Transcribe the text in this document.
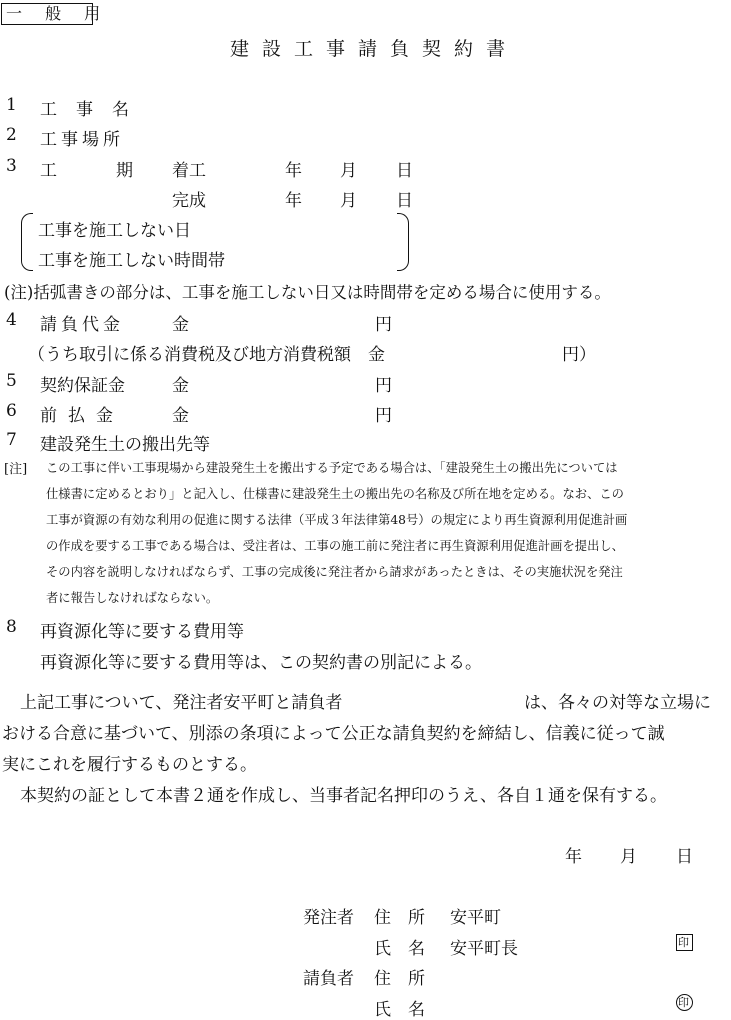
一 般 用
建設工事請負契約書
1 工　事　名
2 工事場所
3 工	期 着工	年 月 日
完成	年 月 日
工事を施工しない日
工事を施工しない時間帯
(注)括弧書きの部分は、工事を施工しない日又は時間帯を定める場合に使用する。
4 請負代金	金	円
（うち取引に係る消費税及び地方消費税額　金	円）
5 契約保証金	金	円
6 前払金	金	円
7 建設発生土の搬出先等
[注] この工事に伴い工事現場から建設発生土を搬出する予定である場合は、「建設発生土の搬出先については
仕様書に定めるとおり」と記入し、仕様書に建設発生土の搬出先の名称及び所在地を定める。なお、この
工事が資源の有効な利用の促進に関する法律（平成３年法律第48号）の規定により再生資源利用促進計画
の作成を要する工事である場合は、受注者は、工事の施工前に発注者に再生資源利用促進計画を提出し、
その内容を説明しなければならず、工事の完成後に発注者から請求があったときは、その実施状況を発注
者に報告しなければならない。
8 再資源化等に要する費用等
再資源化等に要する費用等は、この契約書の別記による。
上記工事について、発注者安平町と請負者	は、各々の対等な立場に
おける合意に基づいて、別添の条項によって公正な請負契約を締結し、信義に従って誠
実にこれを履行するものとする。
本契約の証として本書２通を作成し、当事者記名押印のうえ、各自１通を保有する。
年 月 日
発注者 住　所 安平町
氏　名 安平町長	印
請負者 住　所
氏　名	印
